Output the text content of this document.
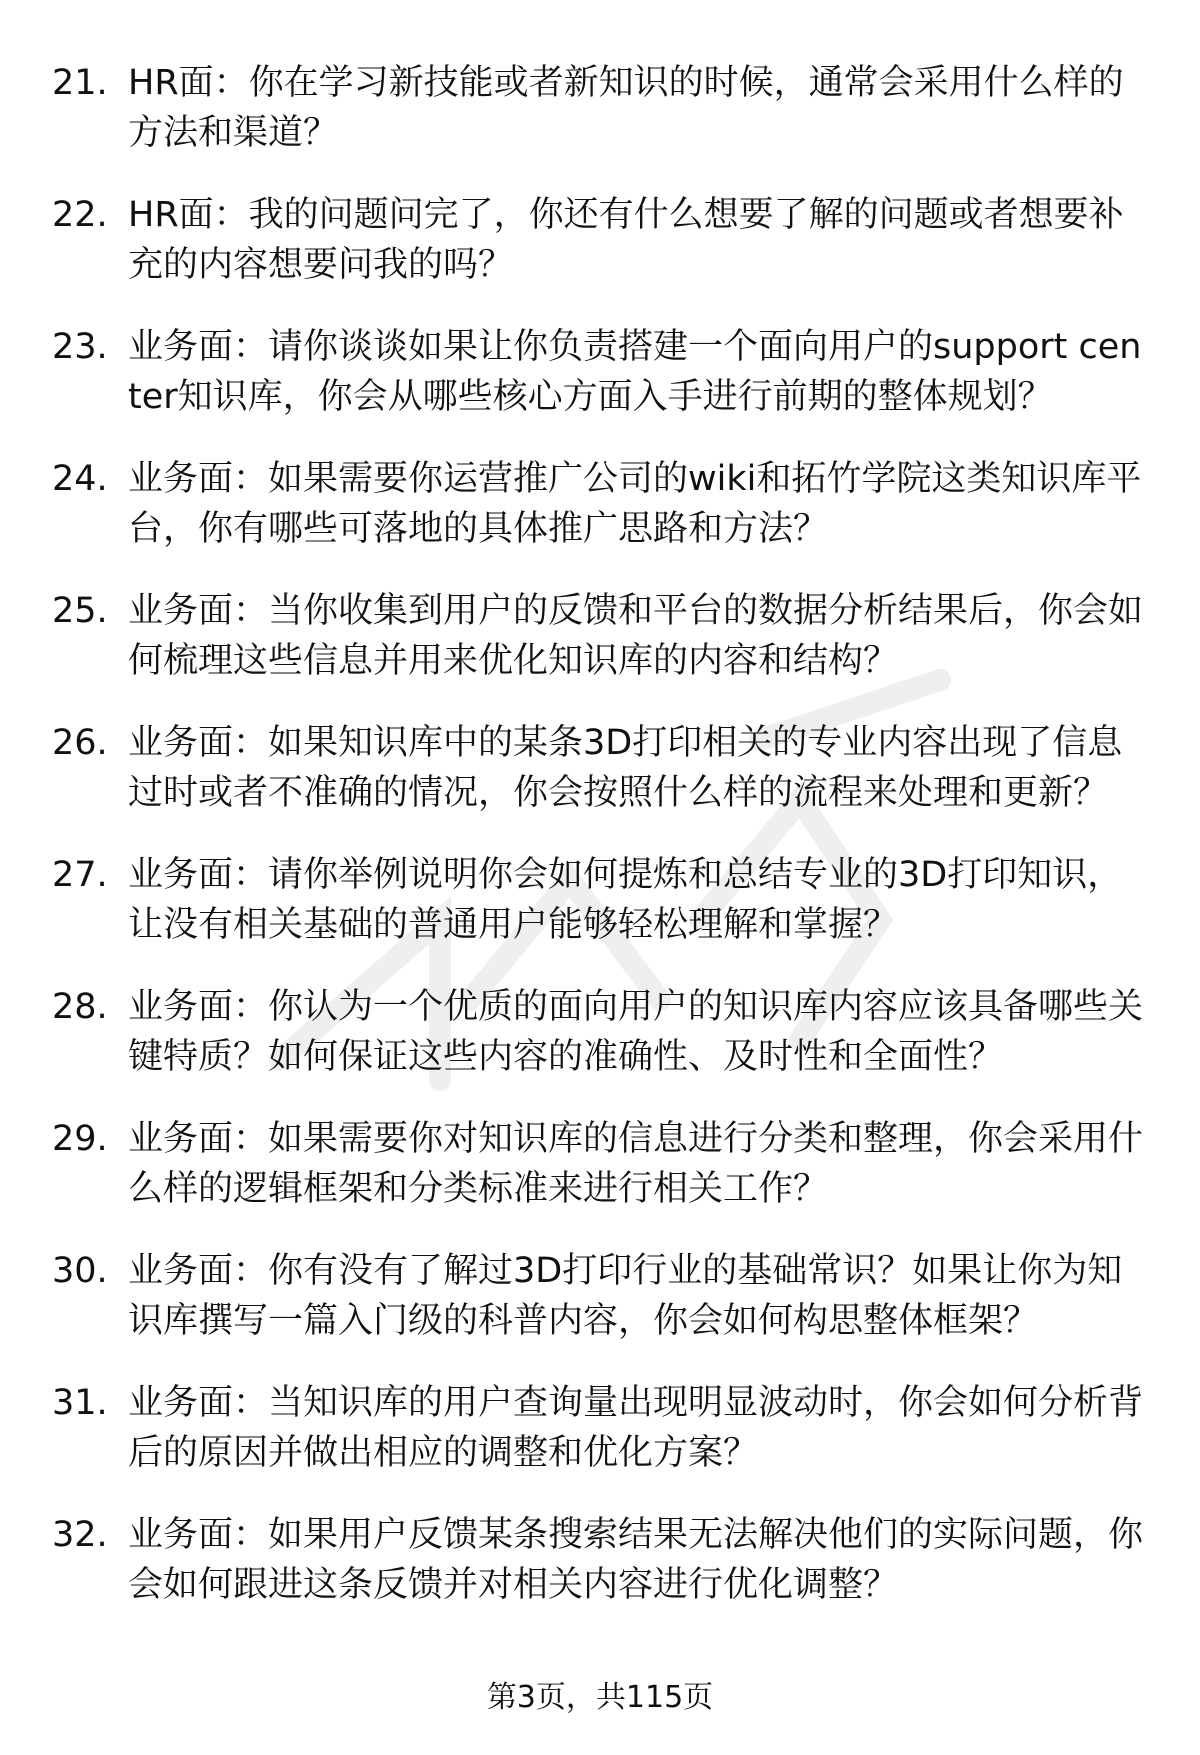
21. HR面：你在学习新技能或者新知识的时候，通常会采用什么样的方法和渠道？
22. HR面：我的问题问完了，你还有什么想要了解的问题或者想要补充的内容想要问我的吗？
23. 业务面：请你谈谈如果让你负责搭建一个面向用户的support center知识库，你会从哪些核心方面入手进行前期的整体规划？
24. 业务面：如果需要你运营推广公司的wiki和拓竹学院这类知识库平台，你有哪些可落地的具体推广思路和方法？
25. 业务面：当你收集到用户的反馈和平台的数据分析结果后，你会如何梳理这些信息并用来优化知识库的内容和结构？
26. 业务面：如果知识库中的某条3D打印相关的专业内容出现了信息过时或者不准确的情况，你会按照什么样的流程来处理和更新？
27. 业务面：请你举例说明你会如何提炼和总结专业的3D打印知识，让没有相关基础的普通用户能够轻松理解和掌握？
28. 业务面：你认为一个优质的面向用户的知识库内容应该具备哪些关键特质？如何保证这些内容的准确性、及时性和全面性？
29. 业务面：如果需要你对知识库的信息进行分类和整理，你会采用什么样的逻辑框架和分类标准来进行相关工作？
30. 业务面：你有没有了解过3D打印行业的基础常识？如果让你为知识库撰写一篇入门级的科普内容，你会如何构思整体框架？
31. 业务面：当知识库的用户查询量出现明显波动时，你会如何分析背后的原因并做出相应的调整和优化方案？
32. 业务面：如果用户反馈某条搜索结果无法解决他们的实际问题，你会如何跟进这条反馈并对相关内容进行优化调整？
第3页，共115页
